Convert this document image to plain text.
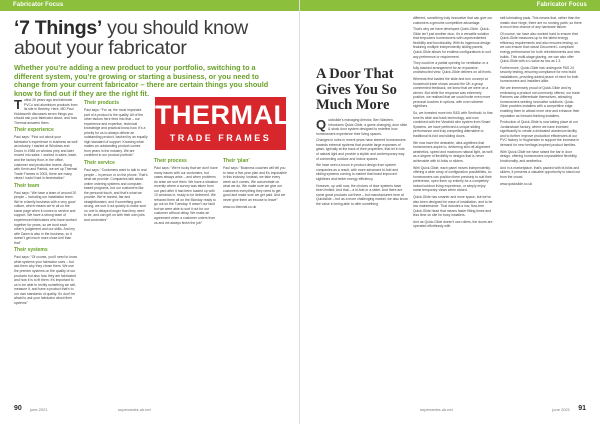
Fabricator Focus
‘7 Things’ you should know about your fabricator
Whether you’re adding a new product to your portfolio, switching to a different system, you’re growing or starting a business, or you need to change from your current fabricator – there are certain things you should know to find out if they are the right fit.
THERMAL
TRADE FRAMES

Tofind 26 years ago and fabricate PVCu and aluminium products from its site in Brierley. Here, MD Paul Holdsworth discusses seven things you should ask your fabricator about, and how Thermal answers them.

Their experience

Paul says: “Find out about your fabricator’s experience in business as well as industry. I started at Windows and Doors in 1988 on window prep and later moved into sales. I worked in sales, trade, and the factory floor, in the office, customer and production teams. Along with Kevin and Patrick, we set up Thermal Trade Frames in 2003, there are many views I hadn’t had in fenestration”

Their team

Paul says: “We have a team of around 20 people – including our installation team. We’re a family business with a very good culture, which means we’re all on the same page when it comes to service and support. We have a strong team of experienced fabricators who have worked together for years, so we trust each other’s judgement and our skills. And my wife Dawn is also in the business, so it doesn’t get much more close-knit than that”

Their systems

Paul says: “Of course, you’ll need to know what systems your fabricator uses – but ask them why they chose them. We use the premier systems on the quality of our products but also how they are fabricated and how it is to fit them. It’s important to us to be able to rectify something we sell, measure it, and have a product that’s to our own standards of quality. So don’t be afraid to ask your fabricator about their systems”

Their products

Paul says: “For us, the most important part of a product is the quality. All of the other factors here feed into that – our experience and expertise, technical knowledge and practical know-how. It’s a priority for us to always deliver an outstanding product, backed by an equally high standard of support. Knowing what makes an outstanding product comes from years in the industry. We are confident in our product portfolio”

Their service

Paul says: “Customers want to talk to real people – in person or on the phone. That’s what we provide. Companies talk about online ordering systems and computer-based programs, but our customers like the personal touch, and that’s what we provide. We’re honest, fair and straightforward, and if something goes wrong, we sort it out quickly to make sure no one is delayed longer than they need to be, and can get on with their own jobs and customers”

Their process

Paul says: “We’re lucky that we don’t have many issues with our customers, but cases always arise – and when problems do arise we sort them. We have a situation recently where a survey was taken from our yard after it had been loaded up with 10 windows in, ready to be delivered. We retraced them all on the Monday ready to go out on the Tuesday. It wasn’t our fault but we were able to sort it out for our customer without delay. We make an agreement when a customer orders from us and we always finish the job”

Their ‘plan’

Paul says: “Business coaches will tell you to have a five-year plan and it’s impossible in this industry. Instead, we take every week as it comes. We concentrate on what we do. We make sure we give our customers everything they need to get good and make sure we get paid. And we never give them an excuse to leave”

www.co-thermal.co.uk

90 june 2021	supercedes.uk.net
Fabricator Focus
supercedes.uk.net	june 2021 91
A Door That Gives You So Much More

Quickslide’s managing director, Ben Waldren, introduces Quick-Glide, a game-changing, door slide & stock door system designed to redefine how homeowners experience their living spaces.

Changes in rules in recent years have steered homeowners towards external systems that provide large expanses of glass, typically at the back of their properties, that let in lots of natural light and provide a stylish and contemporary way of connecting outdoor and indoor spaces.

We have seen a boom in product design from system companies as a result, with more advanced bi-fold and sliding systems coming to market that boast improved sightlines and better energy efficiency.

However, up until now, the choices of door systems have been limited. And that – a bi-fold or a slider. And there are some great products out there – but manufacturers here at Quickslide – but as a more challenging market, we also know the value in being able to offer something

different, something truly innovative that can give our customers a genuine competitive advantage.

That’s why we have developed Quick-Glide. Quick-Glide isn’t just another door, it’s a versatile solution that empowers homeowners with unprecedented flexibility and functionality. With its ingenious design featuring multiple independently sliding panels, Quick-Glide allows for endless configurations to suit any preference or requirement.

They could be a partial opening for ventilation or a fully stacked arrangement for an expansive, unobstructed view, Quick-Glide delivers on all fronts.

Whereas first loaded the slide and turn concept at household trade shows around the UK a group commented feedback, we knew that we were on a winner. But while the response was extremely positive, we realised that we could invite even more personal touches in options, with even slimmer sightlines.

So, we invested more into R&D with Senthold, to fine-tune its slide and track technology, and now combined with the Viewfold slim system from Smart Systems, we have perfected a unique sliding performance and truly compelling alternative to traditional bi-fold and sliding doors.

We now have the desirable, ultra-sightlines that homeowners aspire to, delivering slim off-alignment aesthetics, speed and maximum natural light, as well as a degree of flexibility in designs that is never achievable with bi-folds or sliders.

With Quick-Glide, each panel moves independently, offering a wide array of configuration possibilities, so homeowners can position them precisely to suit their preference, open them up entirely for a completely indoor/outdoor living experience, or simply enjoy some temporary views when closed.

Quick-Glide has smarter and more space, but we’ve also been designed for ease of installation, and to be low maintenance. That includes a low, flow-free Quick-Glide head that means faster fitting times and less time on site for busy installers.

And as Quick-Glide doesn’t use rollers, the doors are operated effortlessly with

self-lubricating pads. This means that, rather than the mastic door hinge, there are no running parts, so there is much less chance of any hardware failure.

Of course, we have also worked hard to ensure that Quick-Glide measures up to the latest energy efficiency requirements and also ensures testing, so we can ensure that robust Document L compliant energy performance for both refurbishments and new builds. This multi-stage glazing, we can also offer Quick-Glide with a u-value as low as 1.3.

Furthermore, Quick-Glide has undergone PAS 24 security testing, ensuring compliance for new build installations, providing added peace of mind for both homeowners and installers alike.

We are immensely proud of Quick-Glide and by embracing a product not commonly offered, our trade Partners can differentiate themselves, attracting homeowners seeking innovative solutions. Quick-Glide provides installers with a competitive edge, enabling them to attract more new and enhance their reputation as forward-thinking installers.

Production of Quick-Glide is now taking place at our Jordanstown factory, where we have invested significantly to create a dedicated aluminium facility and to further improve production efficiencies at our PVC factory in Hughenden to support the increase in demand for new heritage-inspired product families.

With Quick-Glide we have raised the bar in door design, offering homeowners unparalleled flexibility, functionality, and aesthetics.

And in a marketplace, that’s packed with bi-folds and sliders, it presents a valuable opportunity to stand out from the crowd.

www.quickslide.co.uk
